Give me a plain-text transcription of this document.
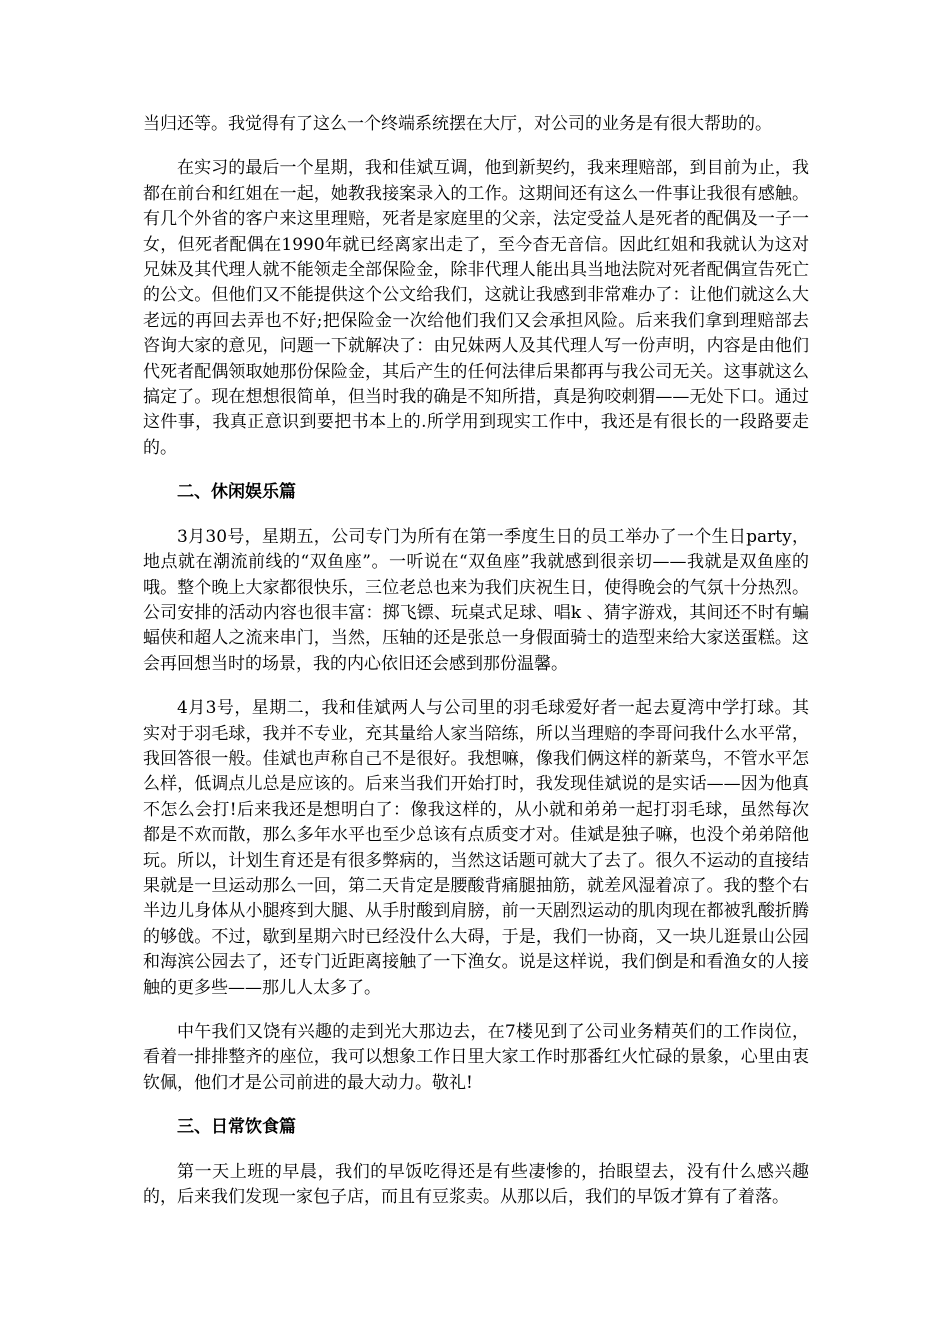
当归还等。我觉得有了这么一个终端系统摆在大厅，对公司的业务是有很大帮助的。

在实习的最后一个星期，我和佳斌互调，他到新契约，我来理赔部，到目前为止，我都在前台和红姐在一起，她教我接案录入的工作。这期间还有这么一件事让我很有感触。有几个外省的客户来这里理赔，死者是家庭里的父亲，法定受益人是死者的配偶及一子一女，但死者配偶在1990年就已经离家出走了，至今杳无音信。因此红姐和我就认为这对兄妹及其代理人就不能领走全部保险金，除非代理人能出具当地法院对死者配偶宣告死亡的公文。但他们又不能提供这个公文给我们，这就让我感到非常难办了：让他们就这么大老远的再回去弄也不好;把保险金一次给他们我们又会承担风险。后来我们拿到理赔部去咨询大家的意见，问题一下就解决了：由兄妹两人及其代理人写一份声明，内容是由他们代死者配偶领取她那份保险金，其后产生的任何法律后果都再与我公司无关。这事就这么搞定了。现在想想很简单，但当时我的确是不知所措，真是狗咬刺猬——无处下口。通过这件事，我真正意识到要把书本上的.所学用到现实工作中，我还是有很长的一段路要走的。

二、休闲娱乐篇

3月30号，星期五，公司专门为所有在第一季度生日的员工举办了一个生日party，地点就在潮流前线的“双鱼座”。一听说在“双鱼座”我就感到很亲切——我就是双鱼座的哦。整个晚上大家都很快乐，三位老总也来为我们庆祝生日，使得晚会的气氛十分热烈。公司安排的活动内容也很丰富：掷飞镖、玩桌式足球、唱k 、猜字游戏，其间还不时有蝙蝠侠和超人之流来串门，当然，压轴的还是张总一身假面骑士的造型来给大家送蛋糕。这会再回想当时的场景，我的内心依旧还会感到那份温馨。

4月3号，星期二，我和佳斌两人与公司里的羽毛球爱好者一起去夏湾中学打球。其实对于羽毛球，我并不专业，充其量给人家当陪练，所以当理赔的李哥问我什么水平常，我回答很一般。佳斌也声称自己不是很好。我想嘛，像我们俩这样的新菜鸟，不管水平怎么样，低调点儿总是应该的。后来当我们开始打时，我发现佳斌说的是实话——因为他真不怎么会打!后来我还是想明白了：像我这样的，从小就和弟弟一起打羽毛球，虽然每次都是不欢而散，那么多年水平也至少总该有点质变才对。佳斌是独子嘛，也没个弟弟陪他玩。所以，计划生育还是有很多弊病的，当然这话题可就大了去了。很久不运动的直接结果就是一旦运动那么一回，第二天肯定是腰酸背痛腿抽筋，就差风湿着凉了。我的整个右半边儿身体从小腿疼到大腿、从手肘酸到肩膀，前一天剧烈运动的肌肉现在都被乳酸折腾的够戗。不过，歇到星期六时已经没什么大碍，于是，我们一协商，又一块儿逛景山公园和海滨公园去了，还专门近距离接触了一下渔女。说是这样说，我们倒是和看渔女的人接触的更多些——那儿人太多了。

中午我们又饶有兴趣的走到光大那边去，在7楼见到了公司业务精英们的工作岗位，看着一排排整齐的座位，我可以想象工作日里大家工作时那番红火忙碌的景象，心里由衷钦佩，他们才是公司前进的最大动力。敬礼!

三、日常饮食篇

第一天上班的早晨，我们的早饭吃得还是有些凄惨的，抬眼望去，没有什么感兴趣的，后来我们发现一家包子店，而且有豆浆卖。从那以后，我们的早饭才算有了着落。
